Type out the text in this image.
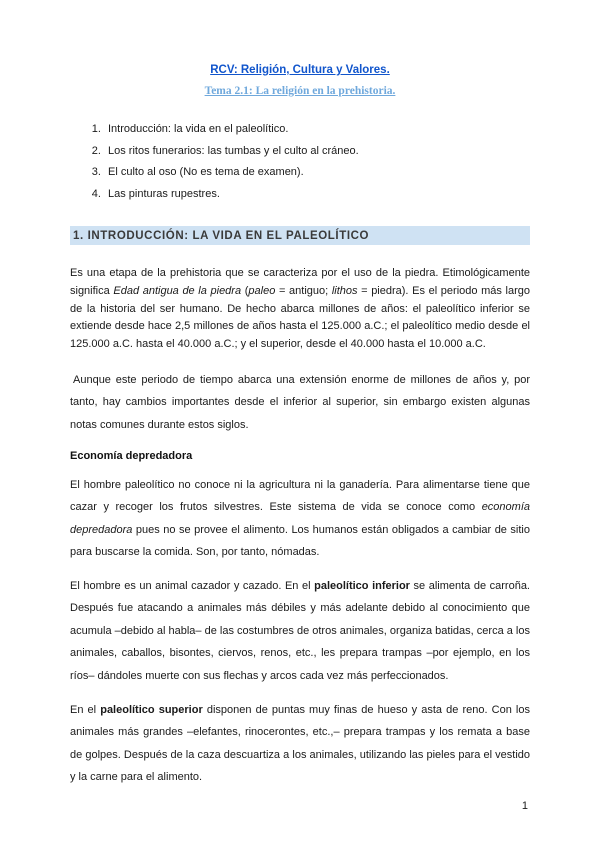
RCV: Religión, Cultura y Valores.
Tema 2.1: La religión en la prehistoria.
1. Introducción: la vida en el paleolítico.
2. Los ritos funerarios: las tumbas y el culto al cráneo.
3. El culto al oso (No es tema de examen).
4. Las pinturas rupestres.
1. INTRODUCCIÓN: LA VIDA EN EL PALEOLÍTICO

Es una etapa de la prehistoria que se caracteriza por el uso de la piedra. Etimológicamente significa Edad antigua de la piedra (paleo = antiguo; lithos = piedra). Es el periodo más largo de la historia del ser humano. De hecho abarca millones de años: el paleolítico inferior se extiende desde hace 2,5 millones de años hasta el 125.000 a.C.; el paleolítico medio desde el 125.000 a.C. hasta el 40.000 a.C.; y el superior, desde el 40.000 hasta el 10.000 a.C.

Aunque este periodo de tiempo abarca una extensión enorme de millones de años y, por tanto, hay cambios importantes desde el inferior al superior, sin embargo existen algunas notas comunes durante estos siglos.

Economía depredadora

El hombre paleolítico no conoce ni la agricultura ni la ganadería. Para alimentarse tiene que cazar y recoger los frutos silvestres. Este sistema de vida se conoce como economía depredadora pues no se provee el alimento. Los humanos están obligados a cambiar de sitio para buscarse la comida. Son, por tanto, nómadas.

El hombre es un animal cazador y cazado. En el paleolítico inferior se alimenta de carroña. Después fue atacando a animales más débiles y más adelante debido al conocimiento que acumula –debido al habla– de las costumbres de otros animales, organiza batidas, cerca a los animales, caballos, bisontes, ciervos, renos, etc., les prepara trampas –por ejemplo, en los ríos– dándoles muerte con sus flechas y arcos cada vez más perfeccionados.

En el paleolítico superior disponen de puntas muy finas de hueso y asta de reno. Con los animales más grandes –elefantes, rinocerontes, etc.,– prepara trampas y los remata a base de golpes. Después de la caza descuartiza a los animales, utilizando las pieles para el vestido y la carne para el alimento.

1
